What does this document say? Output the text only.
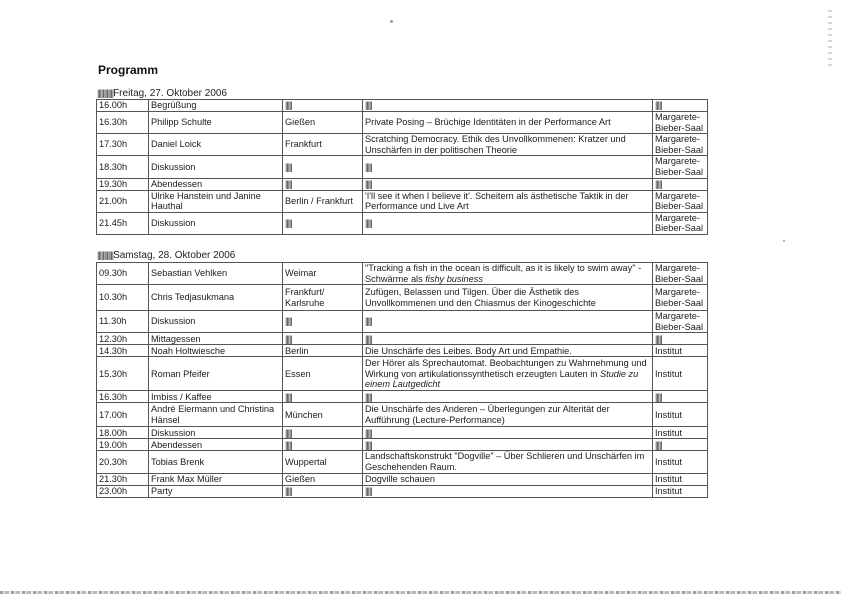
Programm
||||||||||||Freitag, 27. Oktober 2006
16.00h	Begrüßung	|||||	|||||	|||||
16.30h	Philipp Schulte	Gießen	Private Posing – Brüchige Identitäten in der Performance Art	Margarete-Bieber-Saal
17.30h	Daniel Loick	Frankfurt	Scratching Democracy. Ethik des Unvollkommenen: Kratzer und Unschärfen in der politischen Theorie	Margarete-Bieber-Saal
18.30h	Diskussion	|||||	|||||	Margarete-Bieber-Saal
19.30h	Abendessen	|||||	|||||	|||||
21.00h	Ulrike Hanstein und Janine Hauthal	Berlin / Frankfurt	'I'll see it when I believe it'. Scheitern als ästhetische Taktik in der Performance und Live Art	Margarete-Bieber-Saal
21.45h	Diskussion	|||||	|||||	Margarete-Bieber-Saal
||||||||||||Samstag, 28. Oktober 2006
09.30h	Sebastian Vehlken	Weimar	"Tracking a fish in the ocean is difficult, as it is likely to swim away" - Schwärme als fishy business	Margarete-Bieber-Saal
10.30h	Chris Tedjasukmana	Frankfurt/ Karlsruhe	Zufügen, Belassen und Tilgen. Über die Ästhetik des Unvollkommenen und den Chiasmus der Kinogeschichte	Margarete-Bieber-Saal
11.30h	Diskussion	|||||	|||||	Margarete-Bieber-Saal
12.30h	Mittagessen	|||||	|||||	|||||
14.30h	Noah Holtwiesche	Berlin	Die Unschärfe des Leibes. Body Art und Empathie.	Institut
15.30h	Roman Pfeifer	Essen	Der Hörer als Sprechautomat. Beobachtungen zu Wahrnehmung und Wirkung von artikulationssynthetisch erzeugten Lauten in Studie zu einem Lautgedicht	Institut
16.30h	Imbiss / Kaffee	|||||	|||||	|||||
17.00h	André Eiermann und Christina Hänsel	München	Die Unschärfe des Anderen – Überlegungen zur Alterität der Aufführung (Lecture-Performance)	Institut
18.00h	Diskussion	|||||	|||||	Institut
19.00h	Abendessen	|||||	|||||	|||||
20.30h	Tobias Brenk	Wuppertal	Landschaftskonstrukt "Dogville" – Über Schlieren und Unschärfen im Geschehenden Raum.	Institut
21.30h	Frank Max Müller	Gießen	Dogville schauen	Institut
23.00h	Party	|||||	|||||	Institut
